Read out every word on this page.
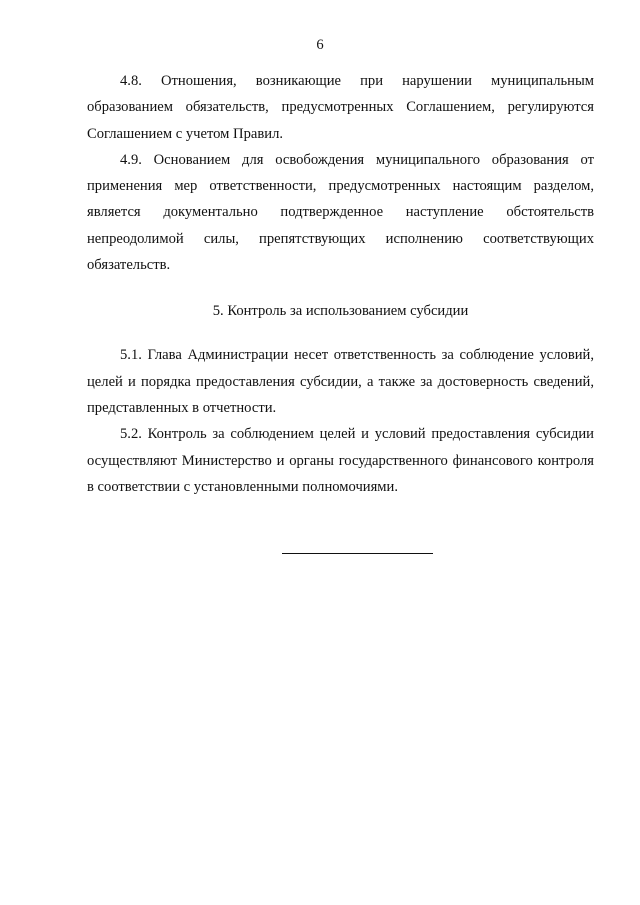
6

4.8. Отношения, возникающие при нарушении муниципальным образованием обязательств, предусмотренных Соглашением, регулируются Соглашением с учетом Правил.

4.9. Основанием для освобождения муниципального образования от применения мер ответственности, предусмотренных настоящим разделом, является документально подтвержденное наступление обстоятельств непреодолимой силы, препятствующих исполнению соответствующих обязательств.

5. Контроль за использованием субсидии

5.1. Глава Администрации несет ответственность за соблюдение условий, целей и порядка предоставления субсидии, а также за достоверность сведений, представленных в отчетности.

5.2. Контроль за соблюдением целей и условий предоставления субсидии осуществляют Министерство и органы государственного финансового контроля в соответствии с установленными полномочиями.
